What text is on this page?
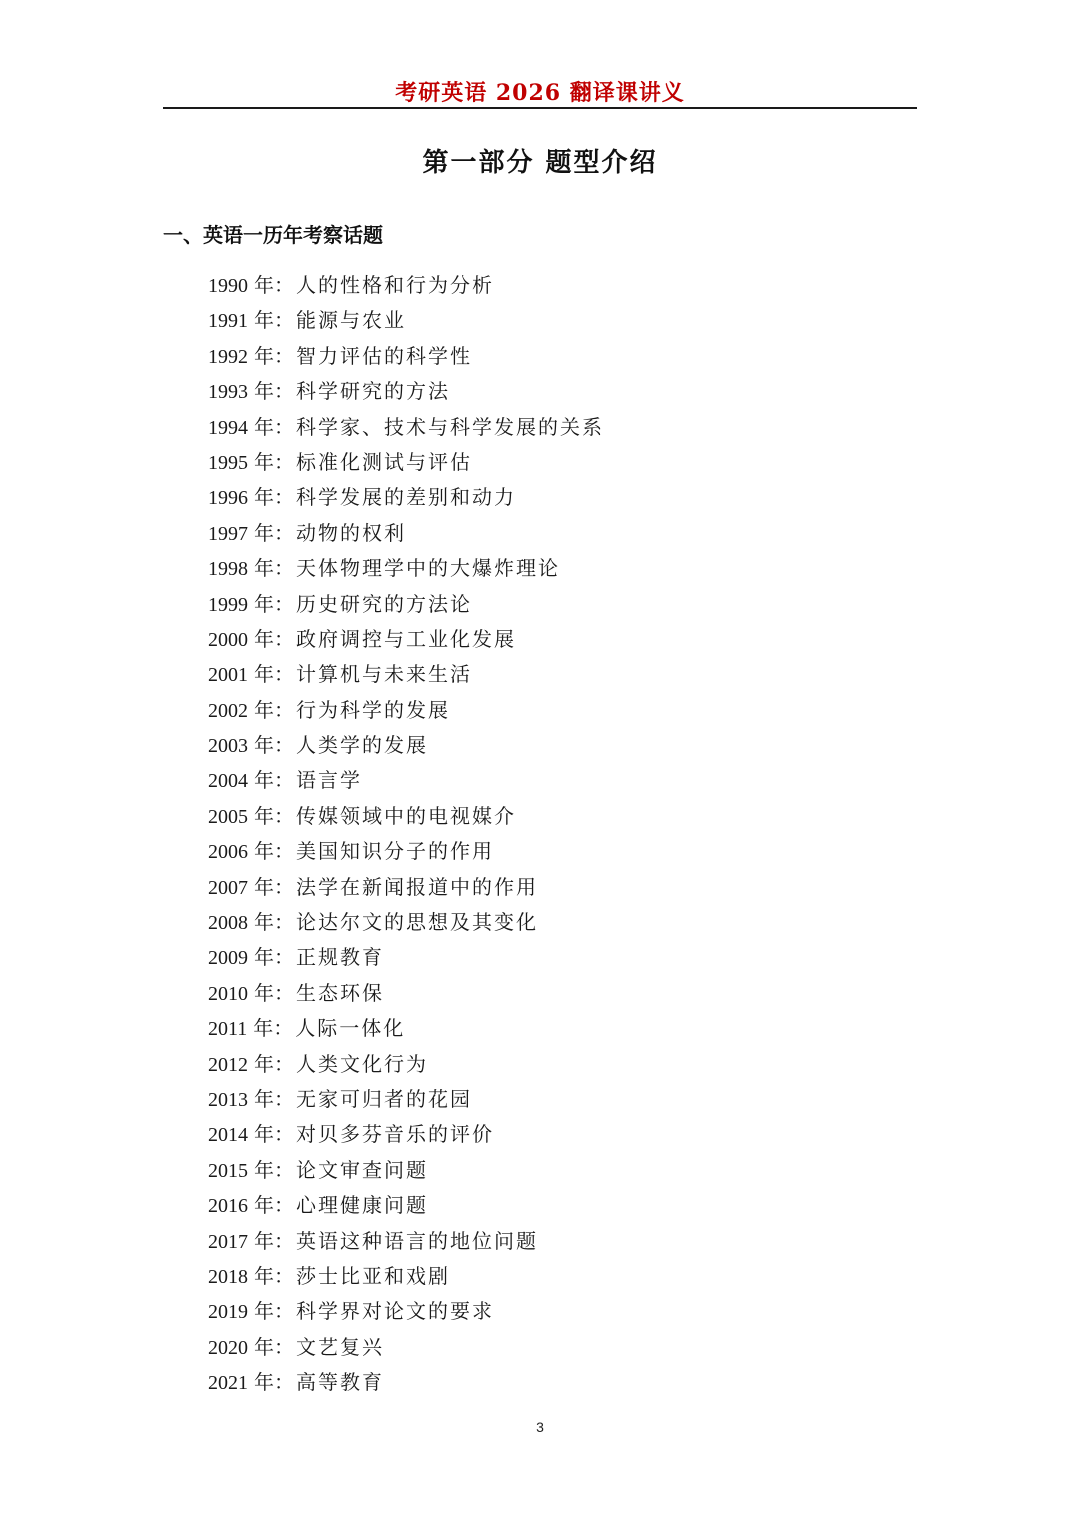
考研英语 2026 翻译课讲义
第一部分 题型介绍
一、英语一历年考察话题
1990 年： 人的性格和行为分析
1991 年： 能源与农业
1992 年： 智力评估的科学性
1993 年： 科学研究的方法
1994 年： 科学家、技术与科学发展的关系
1995 年： 标准化测试与评估
1996 年： 科学发展的差别和动力
1997 年： 动物的权利
1998 年： 天体物理学中的大爆炸理论
1999 年： 历史研究的方法论
2000 年： 政府调控与工业化发展
2001 年： 计算机与未来生活
2002 年： 行为科学的发展
2003 年： 人类学的发展
2004 年： 语言学
2005 年： 传媒领域中的电视媒介
2006 年： 美国知识分子的作用
2007 年： 法学在新闻报道中的作用
2008 年： 论达尔文的思想及其变化
2009 年： 正规教育
2010 年： 生态环保
2011 年： 人际一体化
2012 年： 人类文化行为
2013 年： 无家可归者的花园
2014 年： 对贝多芬音乐的评价
2015 年： 论文审查问题
2016 年： 心理健康问题
2017 年： 英语这种语言的地位问题
2018 年： 莎士比亚和戏剧
2019 年： 科学界对论文的要求
2020 年： 文艺复兴
2021 年： 高等教育
3
